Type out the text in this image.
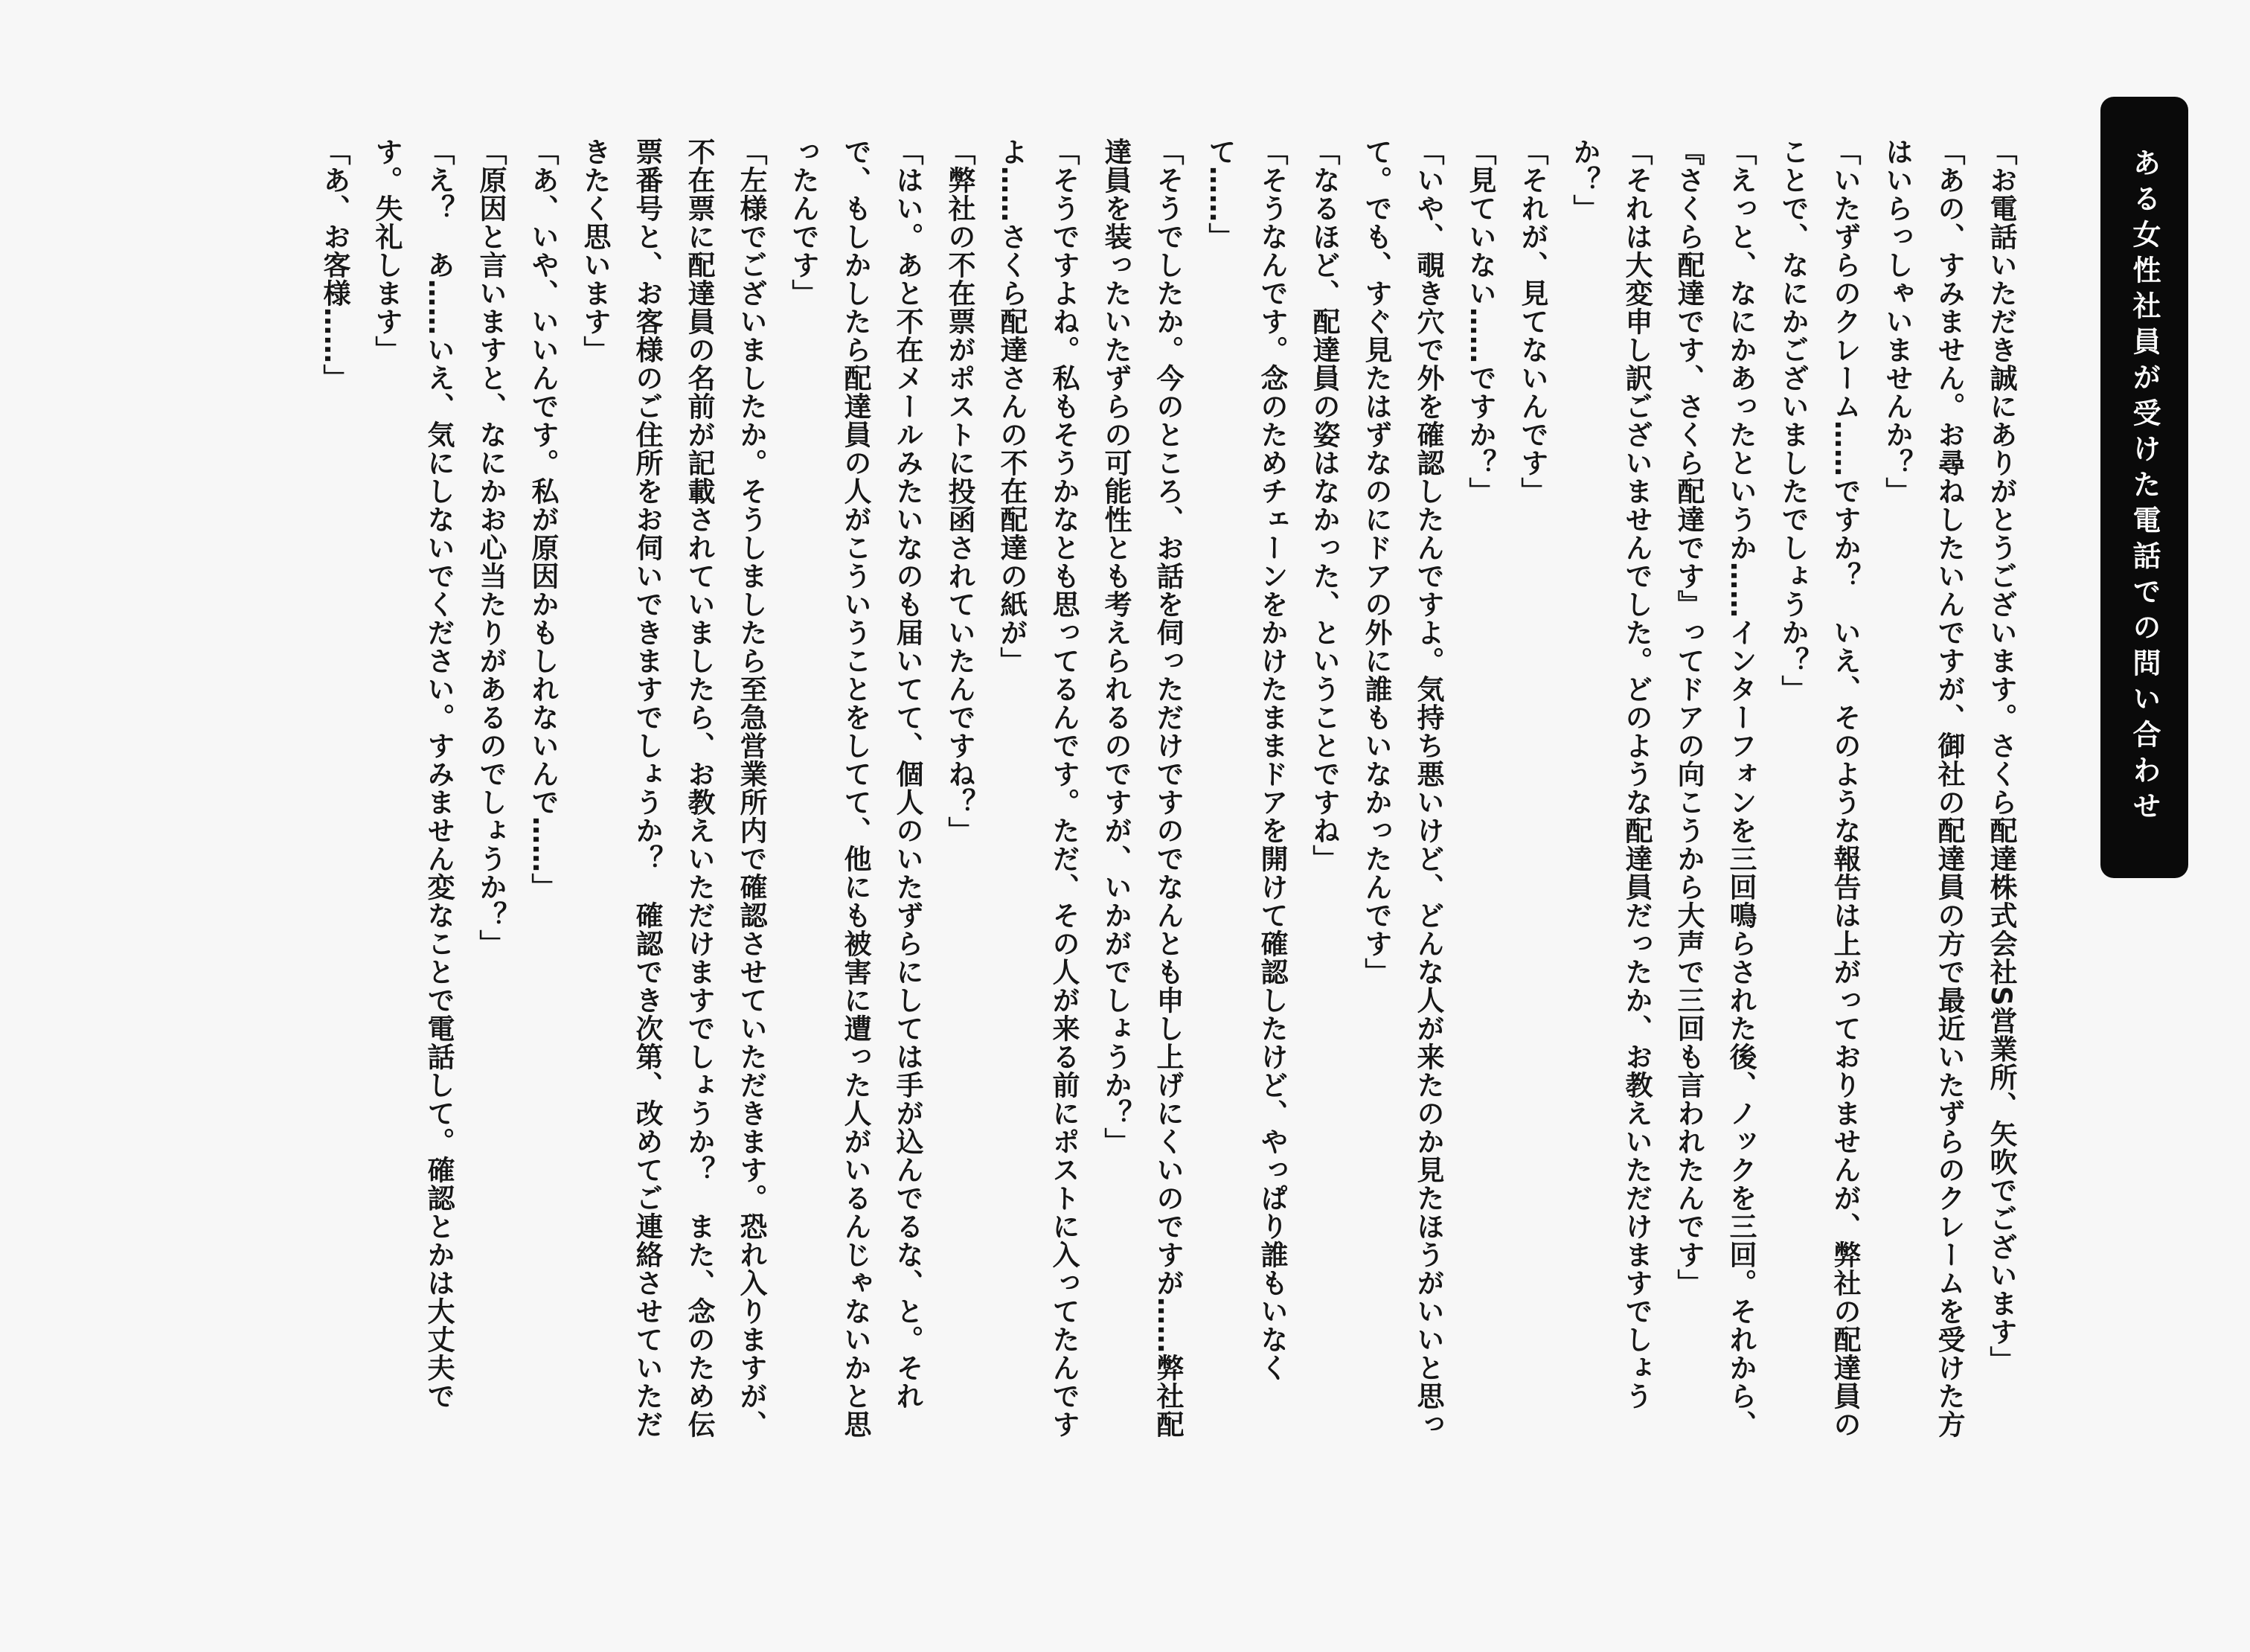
ある女性社員が受けた電話での問い合わせ

「お電話いただき誠にありがとうございます。さくら配達株式会社S営業所、矢吹でございます」

「あの、すみません。お尋ねしたいんですが、御社の配達員の方で最近いたずらのクレームを受けた方はいらっしゃいませんか？」

「いたずらのクレーム……ですか？　いえ、そのような報告は上がっておりませんが、弊社の配達員のことで、なにかございましたでしょうか？」

「えっと、なにかあったというか……インターフォンを三回鳴らされた後、ノックを三回。それから、『さくら配達です、さくら配達です』ってドアの向こうから大声で三回も言われたんです」

「それは大変申し訳ございませんでした。どのような配達員だったか、お教えいただけますでしょうか？」

「それが、見てないんです」

「見ていない……ですか？」

「いや、覗き穴で外を確認したんですよ。気持ち悪いけど、どんな人が来たのか見たほうがいいと思って。でも、すぐ見たはずなのにドアの外に誰もいなかったんです」

「なるほど、配達員の姿はなかった、ということですね」

「そうなんです。念のためチェーンをかけたままドアを開けて確認したけど、やっぱり誰もいなくて……」

「そうでしたか。今のところ、お話を伺っただけですのでなんとも申し上げにくいのですが……弊社配達員を装ったいたずらの可能性とも考えられるのですが、いかがでしょうか？」

「そうですよね。私もそうかなとも思ってるんです。ただ、その人が来る前にポストに入ってたんですよ……さくら配達さんの不在配達の紙が」

「弊社の不在票がポストに投函されていたんですね？」

「はい。あと不在メールみたいなのも届いてて、個人のいたずらにしては手が込んでるな、と。それで、もしかしたら配達員の人がこういうことをしてて、他にも被害に遭った人がいるんじゃないかと思ったんです」

「左様でございましたか。そうしましたら至急営業所内で確認させていただきます。恐れ入りますが、不在票に配達員の名前が記載されていましたら、お教えいただけますでしょうか？　また、念のため伝票番号と、お客様のご住所をお伺いできますでしょうか？　確認でき次第、改めてご連絡させていただきたく思います」

「あ、いや、いいんです。私が原因かもしれないんで……」

「原因と言いますと、なにかお心当たりがあるのでしょうか？」

「え？　あ……いえ、気にしないでください。すみません変なことで電話して。確認とかは大丈夫です。失礼します」

「あ、お客様……」
